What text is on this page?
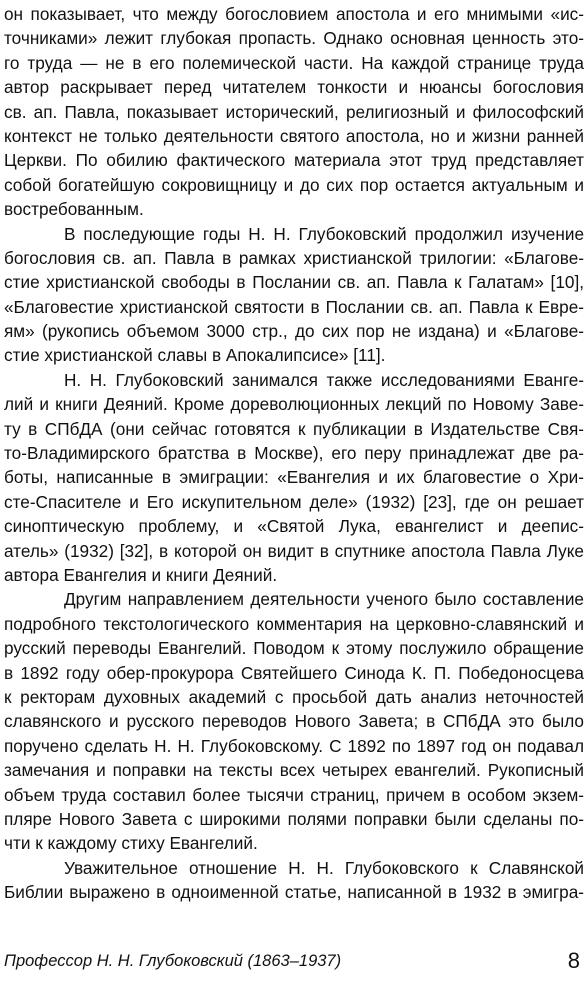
он показывает, что между богословием апостола и его мнимыми «ис-
точниками» лежит глубокая пропасть. Однако основная ценность это-
го труда — не в его полемической части. На каждой странице труда
автор раскрывает перед читателем тонкости и нюансы богословия
св. ап. Павла, показывает исторический, религиозный и философский
контекст не только деятельности святого апостола, но и жизни ранней
Церкви. По обилию фактического материала этот труд представляет
собой богатейшую сокровищницу и до сих пор остается актуальным и
востребованным.
В последующие годы Н. Н. Глубоковский продолжил изучение
богословия св. ап. Павла в рамках христианской трилогии: «Благове-
стие христианской свободы в Послании св. ап. Павла к Галатам» [10],
«Благовестие христианской святости в Послании св. ап. Павла к Евре-
ям» (рукопись объемом 3000 стр., до сих пор не издана) и «Благове-
стие христианской славы в Апокалипсисе» [11].
Н. Н. Глубоковский занимался также исследованиями Еванге-
лий и книги Деяний. Кроме дореволюционных лекций по Новому Заве-
ту в СПбДА (они сейчас готовятся к публикации в Издательстве Свя-
то-Владимирского братства в Москве), его перу принадлежат две ра-
боты, написанные в эмиграции: «Евангелия и их благовестие о Хри-
сте-Спасителе и Его искупительном деле» (1932) [23], где он решает
синоптическую проблему, и «Святой Лука, евангелист и деепис-
атель» (1932) [32], в которой он видит в спутнике апостола Павла Луке
автора Евангелия и книги Деяний.
Другим направлением деятельности ученого было составление
подробного текстологического комментария на церковно-славянский и
русский переводы Евангелий. Поводом к этому послужило обращение
в 1892 году обер-прокурора Святейшего Синода К. П. Победоносцева
к ректорам духовных академий с просьбой дать анализ неточностей
славянского и русского переводов Нового Завета; в СПбДА это было
поручено сделать Н. Н. Глубоковскому. С 1892 по 1897 год он подавал
замечания и поправки на тексты всех четырех евангелий. Рукописный
объем труда составил более тысячи страниц, причем в особом экзем-
пляре Нового Завета с широкими полями поправки были сделаны по-
чти к каждому стиху Евангелий.
Уважительное отношение Н. Н. Глубоковского к Славянской
Библии выражено в одноименной статье, написанной в 1932 в эмигра-
Профессор Н. Н. Глубоковский (1863–1937)	8
